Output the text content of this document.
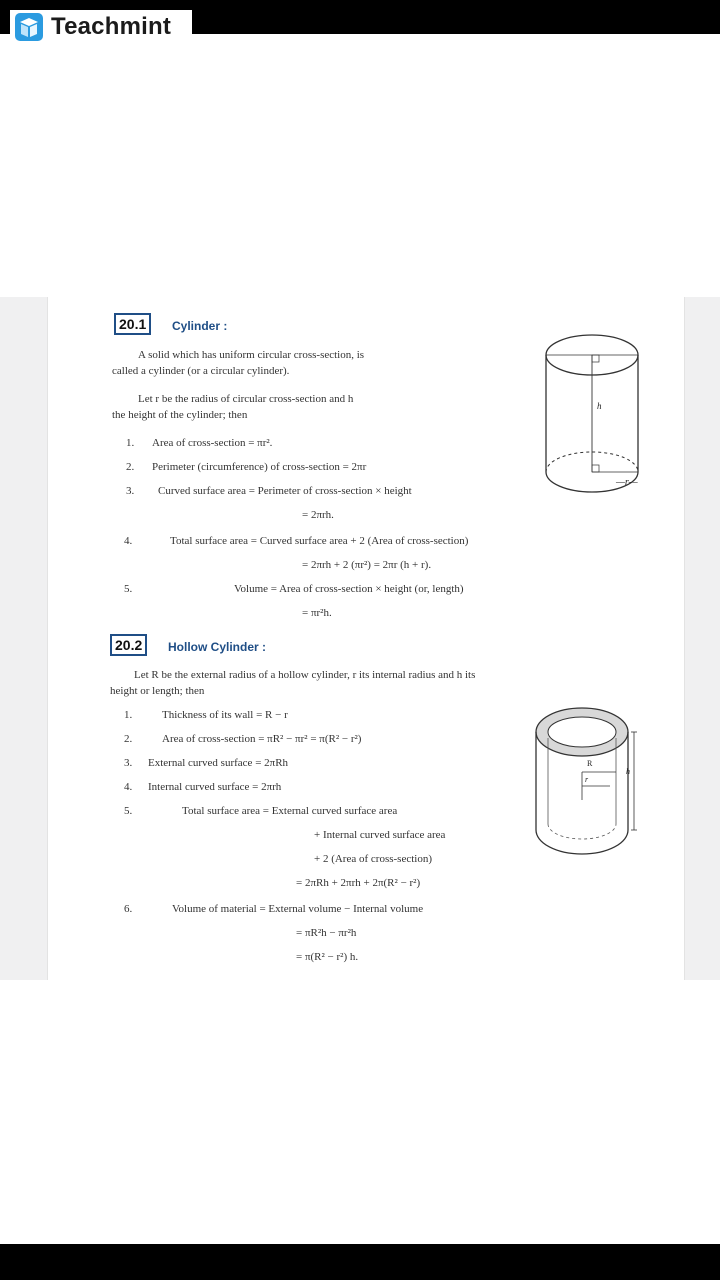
Teachmint
20.1	Cylinder :
A solid which has uniform circular cross-section, is
called a cylinder (or a circular cylinder).
Let r be the radius of circular cross-section and h
the height of the cylinder; then
1. Area of cross-section = πr².
2. Perimeter (circumference) of cross-section = 2πr
3. Curved surface area = Perimeter of cross-section × height
= 2πrh.
4.	Total surface area = Curved surface area + 2 (Area of cross-section)
= 2πrh + 2 (πr²) = 2πr (h + r).
5.	Volume = Area of cross-section × height (or, length)
= πr²h.
h
—r—
20.2	Hollow Cylinder :
Let R be the external radius of a hollow cylinder, r its internal radius and h its
height or length; then
1.	Thickness of its wall = R − r
2.	Area of cross-section = πR² − πr² = π(R² − r²)
3. External curved surface = 2πRh
4. Internal curved surface = 2πrh
5.	Total surface area = External curved surface area
+ Internal curved surface area
+ 2 (Area of cross-section)
= 2πRh + 2πrh + 2π(R² − r²)
6.	Volume of material = External volume − Internal volume
= πR²h − πr²h
= π(R² − r²) h.
R
r
h
